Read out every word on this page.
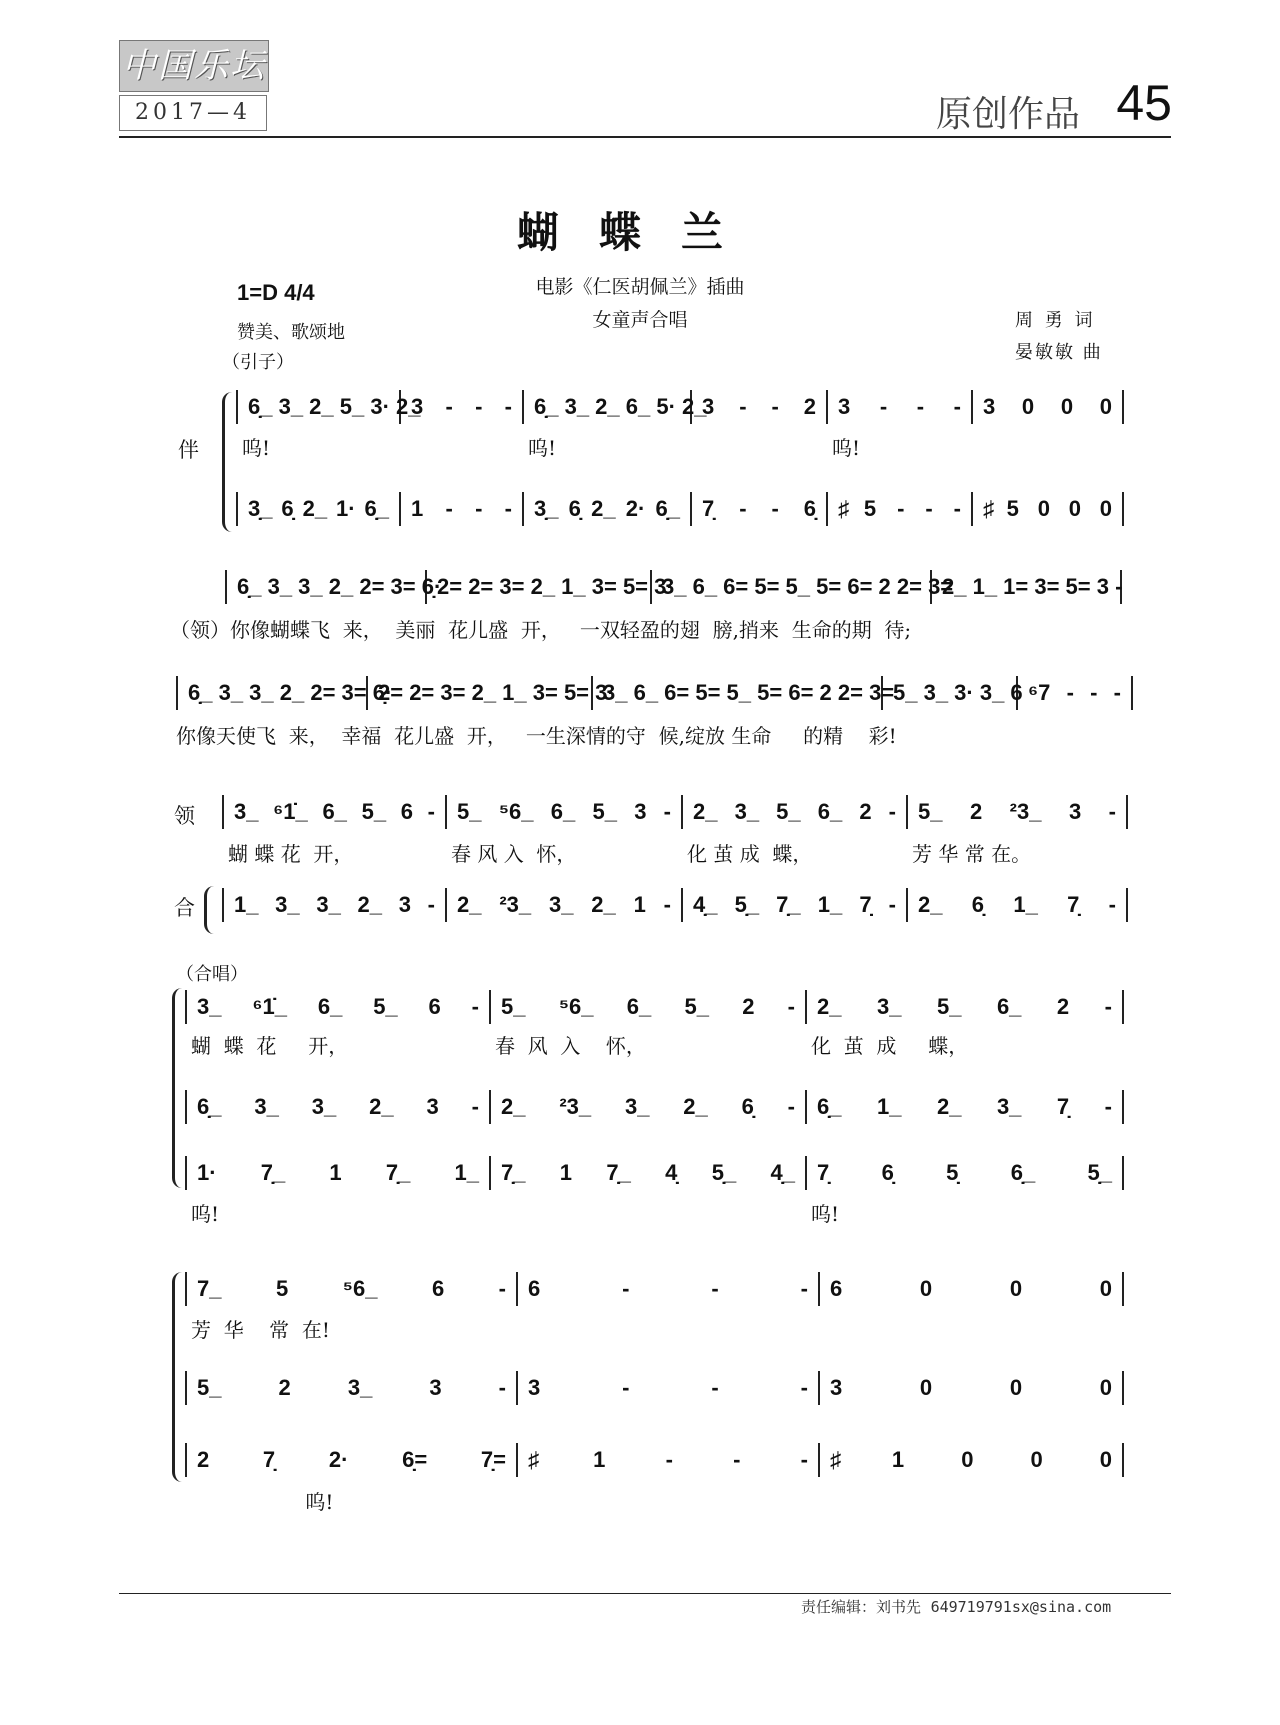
中国乐坛
2017—4	原创作品 45
蝴蝶兰
电影《仁医胡佩兰》插曲
女童声合唱
1=D 4/4
赞美、歌颂地
（引子）
周 勇 词
晏敏敏 曲
伴
领
合
（合唱）
呜!	呜!	呜!
6̣_ 3_ 2_ 5_ 3· 2_
3 - - -	6̣_ 3_ 2_ 6_ 5· 2_
3 - - 2	3 - - -	3 0 0 0
3̣_ 6̣ 2_ 1· 6̣_	1 - - -	3̣_ 6̣ 2_ 2· 6̣_	7̣ - - 6̣	♯5 - - -	♯5 0 0 0
6̣_ 3_ 3_ 2_ 2= 3= 6̣·
2= 2= 3= 2_ 1_ 3= 5= 3·
3_ 6_ 6= 5= 5_ 5= 6= 2 2= 3=
2_ 1_ 1= 3= 5= 3 -
（领）你像蝴蝶飞  来，  美丽  花儿盛  开，   一双轻盈的翅  膀,捎来  生命的期  待;
6̣_ 3_ 3_ 2_ 2= 3= 6̣·
2= 2= 3= 2_ 1_ 3= 5= 3·
3_ 6_ 6= 5= 5_ 5= 6= 2 2= 3=
5_ 3_ 3· 3_ 6 ⁶7 - - -
你像天使飞  来，  幸福  花儿盛  开，   一生深情的守  候,绽放 生命     的精    彩!
蝴 蝶 花  开，	春 风 入  怀，	化 茧 成  蝶，	芳 华 常 在。
3_ ⁶1̇_ 6_ 5_ 6 -	5_ ⁵6_ 6_ 5_ 3 -	2_ 3_ 5_ 6_ 2 -	5_ 2 ²3_ 3 -
1_ 3_ 3_ 2_ 3 -	2_ ²3_ 3_ 2_ 1 -	4̣_ 5̣_ 7̣_ 1_ 7̣ -	2_ 6̣ 1_ 7̣ -
蝴  蝶  花     开，	春  风  入    怀，	化  茧  成     蝶，
3_ ⁶1̇_ 6_ 5_ 6 -	5_ ⁵6_ 6_ 5_ 2 -	2_ 3_ 5_ 6_ 2 -
6̣_ 3_ 3_ 2_ 3 -	2_ ²3_ 3_ 2_ 6̣ -	6̣_ 1_ 2_ 3_ 7̣ -
呜!	呜!
1· 7̣_ 1 7̣_ 1_	7̣_ 1 7̣_ 4̣ 5̣_ 4̣_	7̣ 6̣ 5̣ 6̣_ 5̣_
芳  华    常  在!
7_ 5 ⁵6_ 6 -	6 - - -	6 0 0 0
5_ 2 3_ 3 -	3 - - -	3 0 0 0
呜!
2 7̣ 2· 6̣= 7̣=	♯1 - - -	♯1 0 0 0
责任编辑：刘书先 649719791sx@sina.com
